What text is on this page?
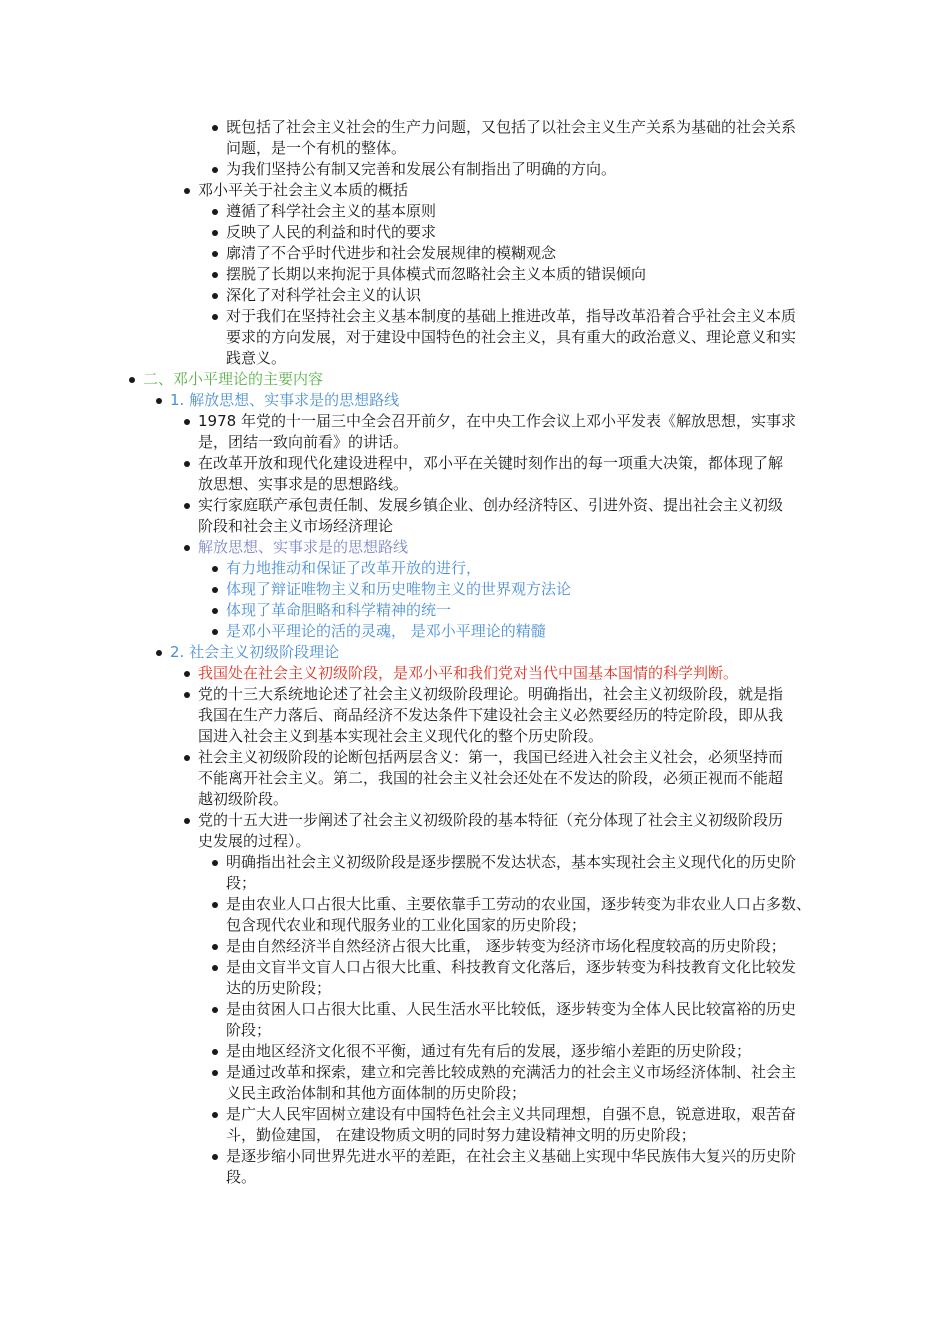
既包括了社会主义社会的生产力问题，又包括了以社会主义生产关系为基础的社会关系
问题，是一个有机的整体。
为我们坚持公有制又完善和发展公有制指出了明确的方向。
邓小平关于社会主义本质的概括
遵循了科学社会主义的基本原则
反映了人民的利益和时代的要求
廓清了不合乎时代进步和社会发展规律的模糊观念
摆脱了长期以来拘泥于具体模式而忽略社会主义本质的错误倾向
深化了对科学社会主义的认识
对于我们在坚持社会主义基本制度的基础上推进改革，指导改革沿着合乎社会主义本质
要求的方向发展，对于建设中国特色的社会主义，具有重大的政治意义、理论意义和实
践意义。
二、邓小平理论的主要内容
1. 解放思想、实事求是的思想路线
1978 年党的十一届三中全会召开前夕，在中央工作会议上邓小平发表《解放思想，实事求
是，团结一致向前看》的讲话。
在改革开放和现代化建设进程中，邓小平在关键时刻作出的每一项重大决策，都体现了解
放思想、实事求是的思想路线。
实行家庭联产承包责任制、发展乡镇企业、创办经济特区、引进外资、提出社会主义初级
阶段和社会主义市场经济理论
解放思想、实事求是的思想路线
有力地推动和保证了改革开放的进行，
体现了辩证唯物主义和历史唯物主义的世界观方法论
体现了革命胆略和科学精神的统一
是邓小平理论的活的灵魂， 是邓小平理论的精髓
2. 社会主义初级阶段理论
我国处在社会主义初级阶段，是邓小平和我们党对当代中国基本国情的科学判断。
党的十三大系统地论述了社会主义初级阶段理论。明确指出，社会主义初级阶段，就是指
我国在生产力落后、商品经济不发达条件下建设社会主义必然要经历的特定阶段，即从我
国进入社会主义到基本实现社会主义现代化的整个历史阶段。
社会主义初级阶段的论断包括两层含义：第一，我国已经进入社会主义社会，必须坚持而
不能离开社会主义。第二，我国的社会主义社会还处在不发达的阶段，必须正视而不能超
越初级阶段。
党的十五大进一步阐述了社会主义初级阶段的基本特征（充分体现了社会主义初级阶段历
史发展的过程）。
明确指出社会主义初级阶段是逐步摆脱不发达状态，基本实现社会主义现代化的历史阶
段；
是由农业人口占很大比重、主要依靠手工劳动的农业国，逐步转变为非农业人口占多数、
包含现代农业和现代服务业的工业化国家的历史阶段；
是由自然经济半自然经济占很大比重， 逐步转变为经济市场化程度较高的历史阶段；
是由文盲半文盲人口占很大比重、科技教育文化落后，逐步转变为科技教育文化比较发
达的历史阶段；
是由贫困人口占很大比重、人民生活水平比较低，逐步转变为全体人民比较富裕的历史
阶段；
是由地区经济文化很不平衡，通过有先有后的发展，逐步缩小差距的历史阶段；
是通过改革和探索，建立和完善比较成熟的充满活力的社会主义市场经济体制、社会主
义民主政治体制和其他方面体制的历史阶段；
是广大人民牢固树立建设有中国特色社会主义共同理想，自强不息，锐意进取，艰苦奋
斗，勤俭建国， 在建设物质文明的同时努力建设精神文明的历史阶段；
是逐步缩小同世界先进水平的差距，在社会主义基础上实现中华民族伟大复兴的历史阶
段。
